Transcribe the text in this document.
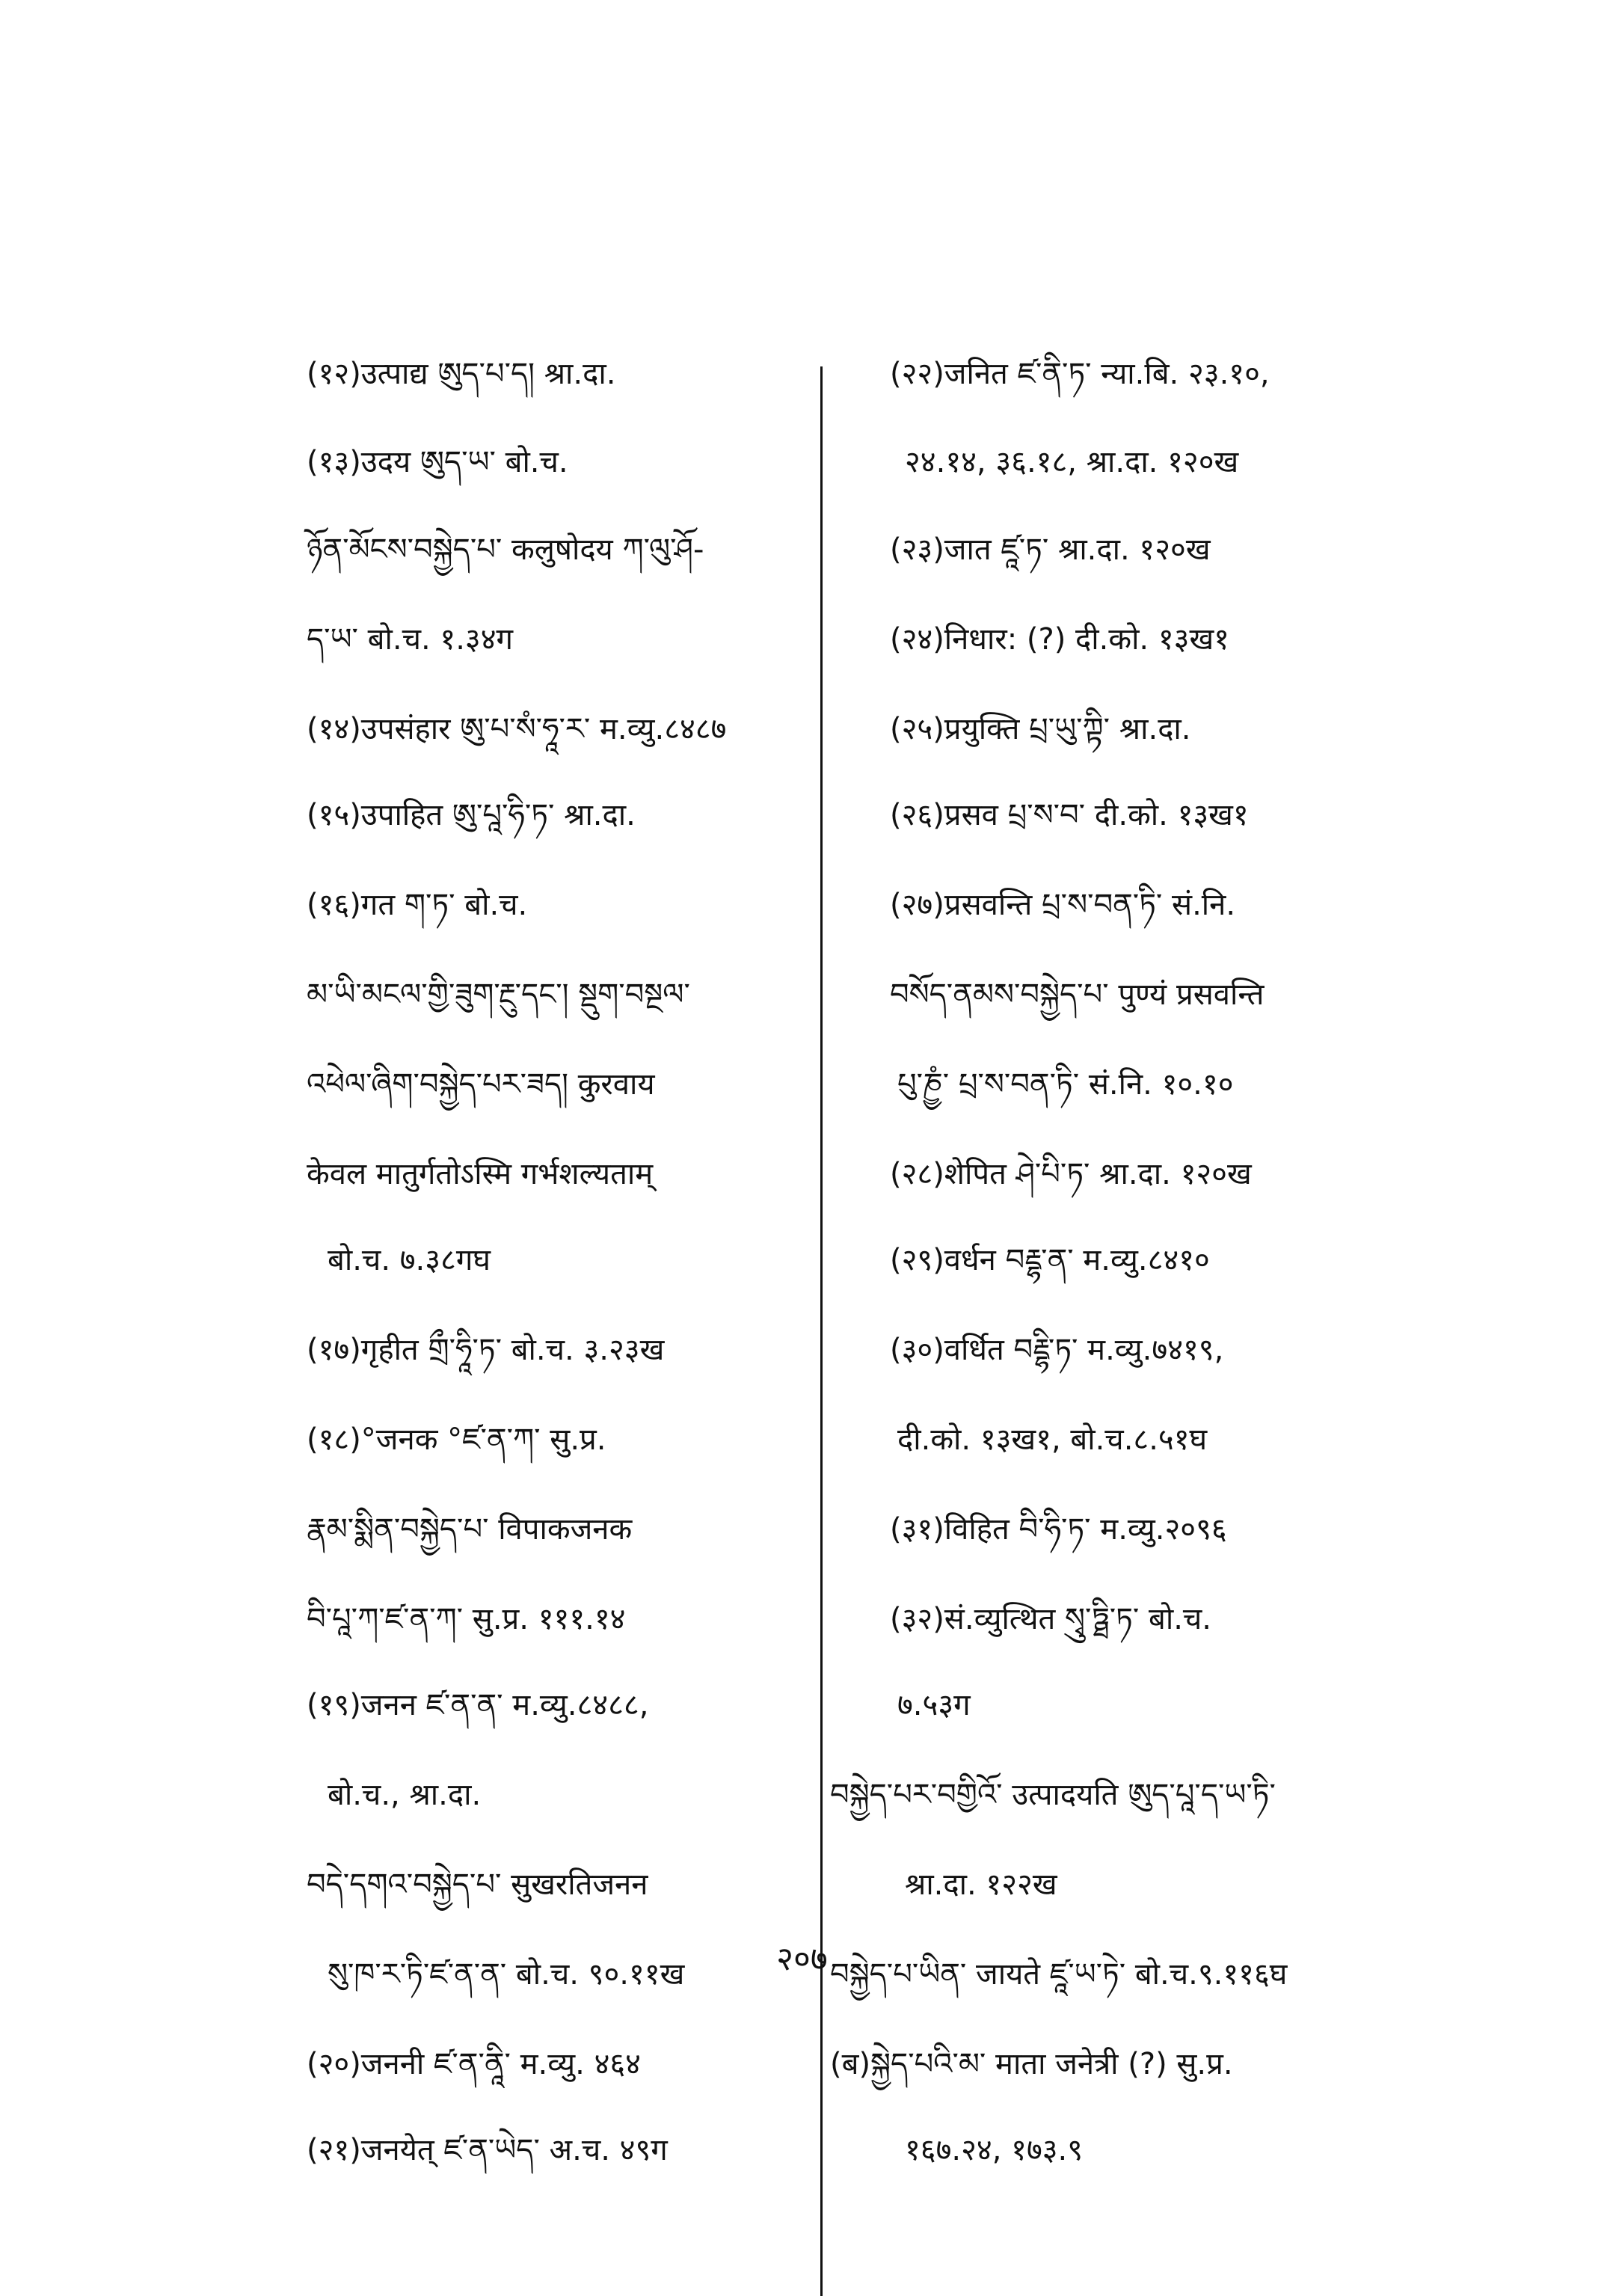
(१२)उत्पाद्य ཨུད་པ་ད། श्रा.दा.
(१३)उदय ཨུད་ཡ་ बो.च.
ཉོན་མོངས་བསྐྱེད་པ་ कलुषोदय ཀ་ལུ་ཤོ-
ད་ཡ་ बो.च. १.३४ग
(१४)उपसंहार ཨུ་པ་སཾ་ཧཱ་ར་ म.व्यु.८४८७
(१५)उपाहित ཨུ་པཱ་ཧི་ཏ་ श्रा.दा.
(१६)गत ག་ཏ་ बो.च.
མ་ཡི་མངལ་གྱི་ཟུག་རྔུ་དང་། སྡུག་བསྔལ་
འཕེལ་ཞིག་བསྐྱེད་པར་ཟད། कुरवाय
केवल मातुर्गतोऽस्मि गर्भशल्यताम्
बो.च. ७.३८गघ
(१७)गृहीत གྲྀ་ཧཱི་ཏ་ बो.च. ३.२३ख
(१८)°जनक °ཛ་ན་ཀ་ सु.प्र.
རྣམ་སྨིན་བསྐྱེད་པ་ विपाकजनक
བི་པཱ་ཀ་ཛ་ན་ཀ་ सु.प्र. १११.१४
(१९)जनन ཛ་ན་ན་ म.व्यु.८४८८,
बो.च., श्रा.दा.
བདེ་དགའ་བསྐྱེད་པ་ सुखरतिजनन
སུ་ཁ་ར་ཏི་ཛ་ན་ན་ बो.च. ९०.११ख
(२०)जननी ཛ་ན་ནཱི་ म.व्यु. ४६४
(२१)जनयेत् ཛ་ན་ཡེད་ अ.च. ४९ग
(२२)जनित ཛ་ནི་ཏ་ न्या.बि. २३.१०,
२४.१४, ३६.१८, श्रा.दा. १२०ख
(२३)जात ཛཱ་ཏ་ श्रा.दा. १२०ख
(२४)निधार: (?) दी.को. १३ख१
(२५)प्रयुक्ति པྲ་ཡུ་ཀྟི་ श्रा.दा.
(२६)प्रसव པྲ་ས་བ་ दी.को. १३ख१
(२७)प्रसवन्ति པྲ་ས་བན་ཏི་ सं.नि.
བསོད་ནམས་བསྐྱེད་པ་ पुण्यं प्रसवन्ति
པུ་ཎྱཾ་ པྲ་ས་བན་ཏི་ सं.नि. १०.१०
(२८)शेपित ཤེ་པི་ཏ་ श्रा.दा. १२०ख
(२९)वर्धन བརྡྷ་ན་ म.व्यु.८४१०
(३०)वर्धित བརྡྷི་ཏ་ म.व्यु.७४१९,
दी.को. १३ख१, बो.च.८.५१घ
(३१)विहित བི་ཧི་ཏ་ म.व्यु.२०९६
(३२)सं.व्युत्थित སྭུ་ཏྠི་ཏ་ बो.च.
७.५३ग
བསྐྱེད་པར་བགྱིའོ་ उत्पादयति ཨུད་པཱ་ད་ཡ་ཏི་
श्रा.दा. १२२ख
བསྐྱེད་པ་ཡིན་ जायते ཛཱ་ཡ་ཏེ་ बो.च.९.११६घ
(ब)སྐྱེད་པའི་མ་ माता जनेत्री (?) सु.प्र.
१६७.२४, १७३.९
२०७
